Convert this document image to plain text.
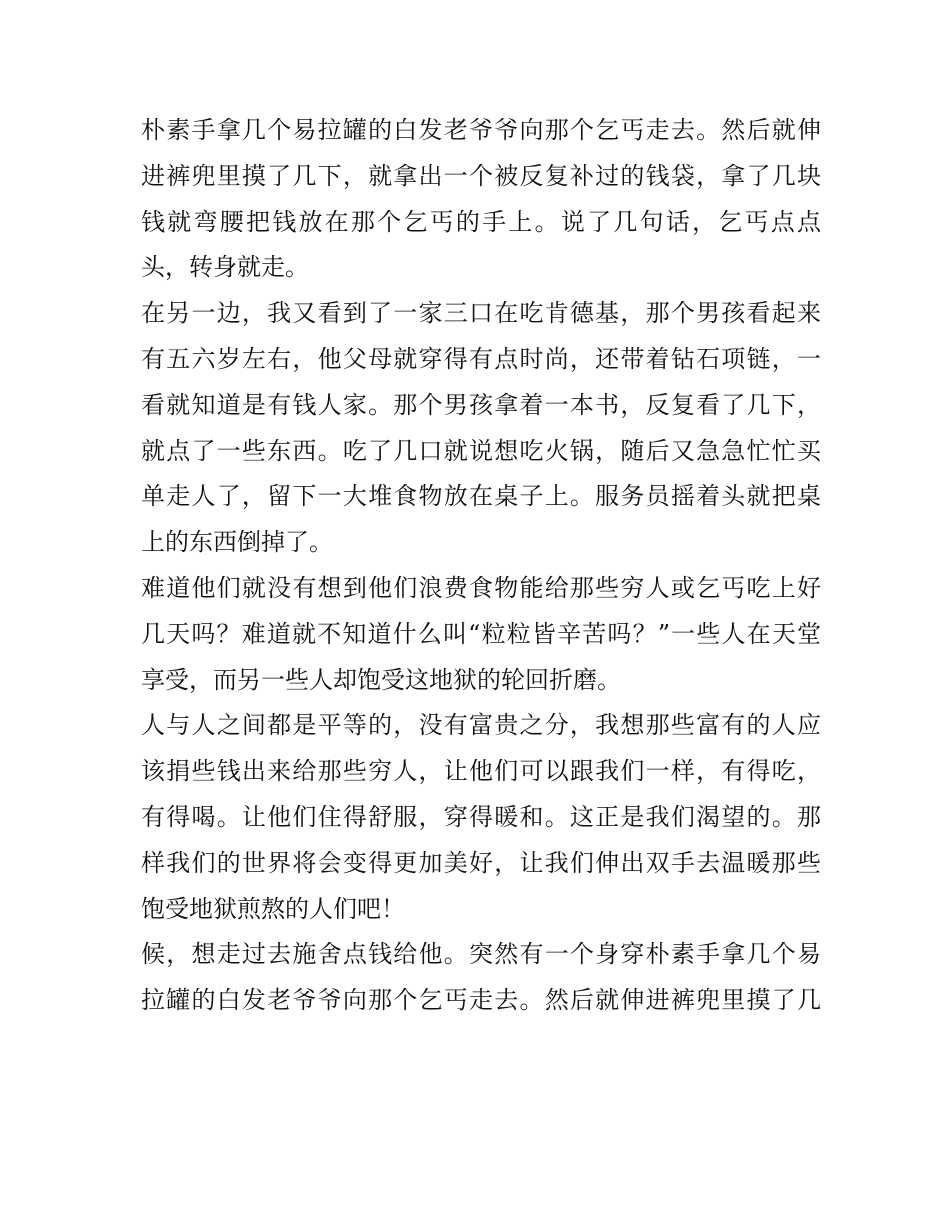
朴素手拿几个易拉罐的白发老爷爷向那个乞丐走去。然后就伸
进裤兜里摸了几下，就拿出一个被反复补过的钱袋，拿了几块
钱就弯腰把钱放在那个乞丐的手上。说了几句话，乞丐点点
头，转身就走。
在另一边，我又看到了一家三口在吃肯德基，那个男孩看起来
有五六岁左右，他父母就穿得有点时尚，还带着钻石项链，一
看就知道是有钱人家。那个男孩拿着一本书，反复看了几下，
就点了一些东西。吃了几口就说想吃火锅，随后又急急忙忙买
单走人了，留下一大堆食物放在桌子上。服务员摇着头就把桌
上的东西倒掉了。
难道他们就没有想到他们浪费食物能给那些穷人或乞丐吃上好
几天吗？难道就不知道什么叫“粒粒皆辛苦吗？”一些人在天堂
享受，而另一些人却饱受这地狱的轮回折磨。
人与人之间都是平等的，没有富贵之分，我想那些富有的人应
该捐些钱出来给那些穷人，让他们可以跟我们一样，有得吃，
有得喝。让他们住得舒服，穿得暖和。这正是我们渴望的。那
样我们的世界将会变得更加美好，让我们伸出双手去温暖那些
饱受地狱煎熬的人们吧！
候，想走过去施舍点钱给他。突然有一个身穿朴素手拿几个易
拉罐的白发老爷爷向那个乞丐走去。然后就伸进裤兜里摸了几
